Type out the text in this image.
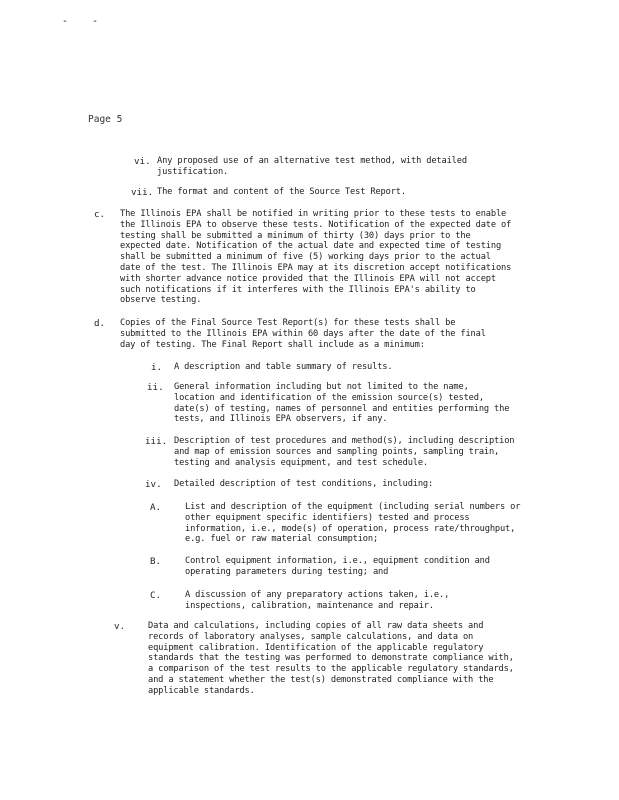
- -
Page 5
vi. Any proposed use of an alternative test method, with detailed justification.
vii. The format and content of the Source Test Report.
c. The Illinois EPA shall be notified in writing prior to these tests to enable the Illinois EPA to observe these tests. Notification of the expected date of testing shall be submitted a minimum of thirty (30) days prior to the expected date. Notification of the actual date and expected time of testing shall be submitted a minimum of five (5) working days prior to the actual date of the test. The Illinois EPA may at its discretion accept notifications with shorter advance notice provided that the Illinois EPA will not accept such notifications if it interferes with the Illinois EPA's ability to observe testing.
d. Copies of the Final Source Test Report(s) for these tests shall be submitted to the Illinois EPA within 60 days after the date of the final day of testing. The Final Report shall include as a minimum:
i. A description and table summary of results.
ii. General information including but not limited to the name, location and identification of the emission source(s) tested, date(s) of testing, names of personnel and entities performing the tests, and Illinois EPA observers, if any.
iii. Description of test procedures and method(s), including description and map of emission sources and sampling points, sampling train, testing and analysis equipment, and test schedule.
iv. Detailed description of test conditions, including:
A.	List and description of the equipment (including serial numbers or other equipment specific identifiers) tested and process information, i.e., mode(s) of operation, process rate/throughput, e.g. fuel or raw material consumption;
B.	Control equipment information, i.e., equipment condition and operating parameters during testing; and
C.	A discussion of any preparatory actions taken, i.e., inspections, calibration, maintenance and repair.
v.	Data and calculations, including copies of all raw data sheets and records of laboratory analyses, sample calculations, and data on equipment calibration. Identification of the applicable regulatory standards that the testing was performed to demonstrate compliance with, a comparison of the test results to the applicable regulatory standards, and a statement whether the test(s) demonstrated compliance with the applicable standards.
